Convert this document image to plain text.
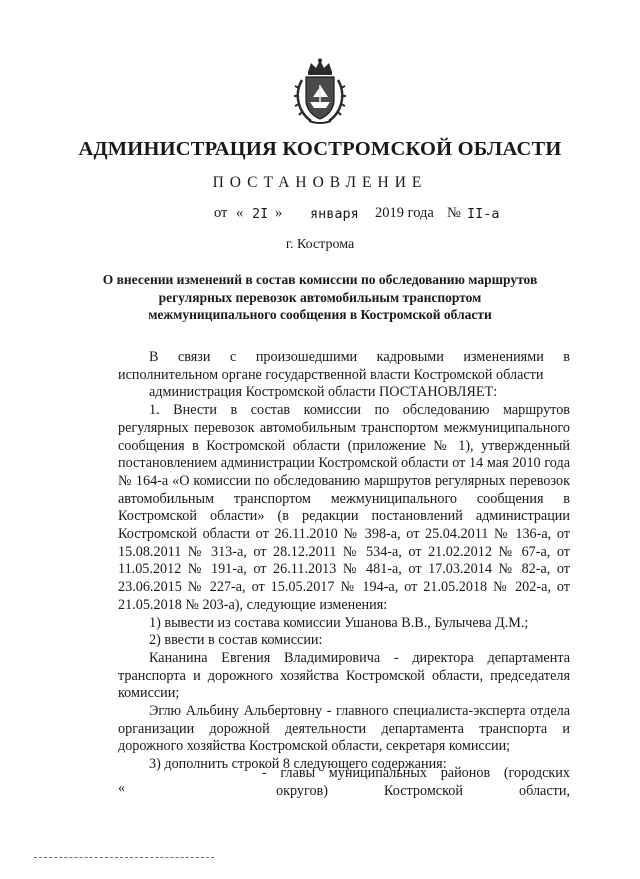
АДМИНИСТРАЦИЯ КОСТРОМСКОЙ ОБЛАСТИ
ПОСТАНОВЛЕНИЕ
от « 2I » января 2019 года № II-а
г. Кострома
О внесении изменений в состав комиссии по обследованию маршрутов
регулярных перевозок автомобильным транспортом
межмуниципального сообщения в Костромской области

В связи с произошедшими кадровыми изменениями в

исполнительном органе государственной власти Костромской области

администрация Костромской области ПОСТАНОВЛЯЕТ:

1. Внести в состав комиссии по обследованию маршрутов регулярных перевозок автомобильным транспортом межмуниципального сообщения в Костромской области (приложение № 1), утвержденный постановлением администрации Костромской области от 14 мая 2010 года № 164-а «О комиссии по обследованию маршрутов регулярных перевозок автомобильным транспортом межмуниципального сообщения в Костромской области» (в редакции постановлений администрации Костромской области от 26.11.2010 № 398-а, от 25.04.2011 № 136-а, от 15.08.2011 № 313-а, от 28.12.2011 № 534-а, от 21.02.2012 № 67-а, от 11.05.2012 № 191-а, от 26.11.2013 № 481-а, от 17.03.2014 № 82-а, от 23.06.2015 № 227-а, от 15.05.2017 № 194-а, от 21.05.2018 № 202-а, от 21.05.2018 № 203-а), следующие изменения:

1) вывести из состава комиссии Ушанова В.В., Булычева Д.М.;

2) ввести в состав комиссии:

Кананина Евгения Владимировича - директора департамента транспорта и дорожного хозяйства Костромской области, председателя комиссии;

Эглю Альбину Альбертовну - главного специалиста-эксперта отдела организации дорожной деятельности департамента транспорта и дорожного хозяйства Костромской области, секретаря комиссии;

3) дополнить строкой 8 следующего содержания:

«

- главы муниципальных районов (городских

округов) Костромской области,
